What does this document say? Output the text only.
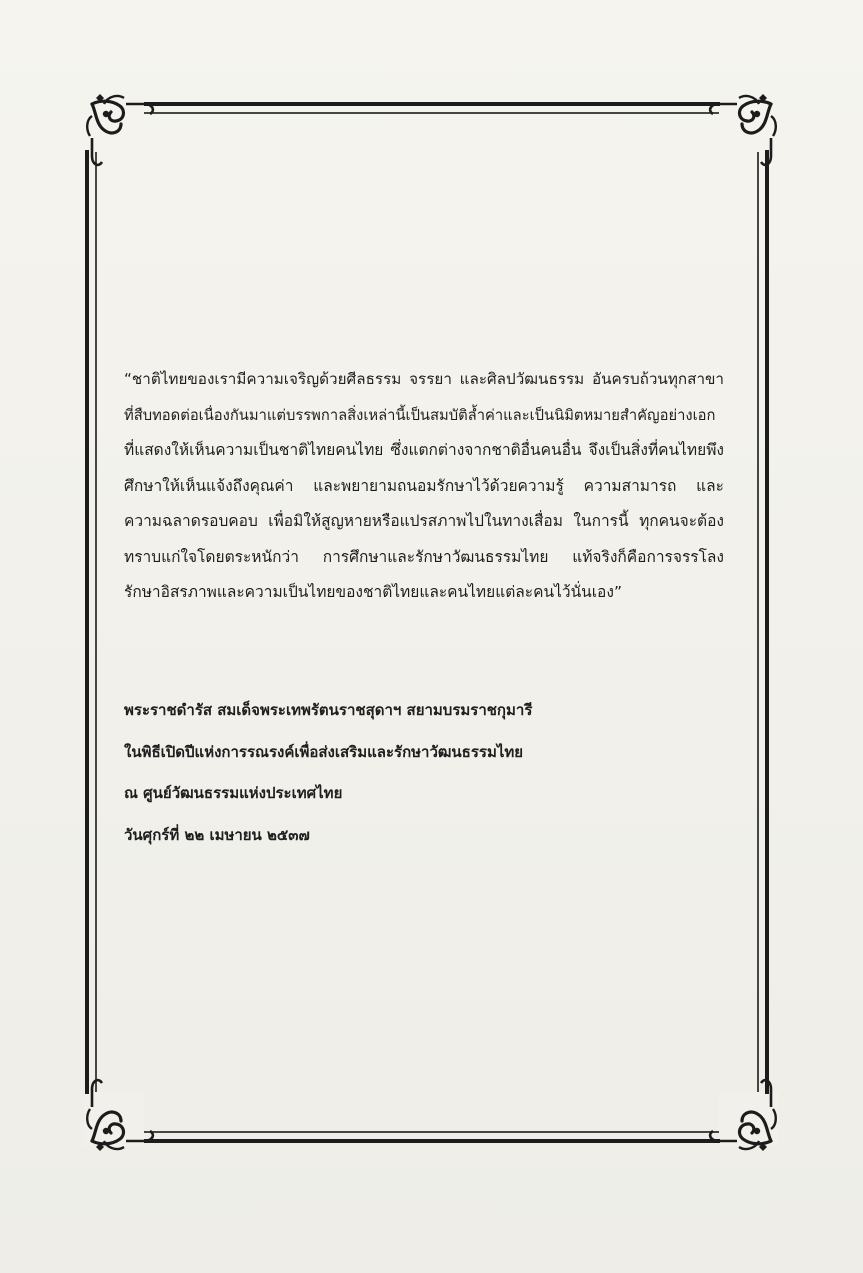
“ชาติไทยของเรามีความเจริญด้วยศีลธรรม จรรยา และศิลปวัฒนธรรม อันครบถ้วนทุกสาขา
ที่สืบทอดต่อเนื่องกันมาแต่บรรพกาลสิ่งเหล่านี้เป็นสมบัติล้ำค่าและเป็นนิมิตหมายสำคัญอย่างเอก
ที่แสดงให้เห็นความเป็นชาติไทยคนไทย ซึ่งแตกต่างจากชาติอื่นคนอื่น จึงเป็นสิ่งที่คนไทยพึง
ศึกษาให้เห็นแจ้งถึงคุณค่า และพยายามถนอมรักษาไว้ด้วยความรู้ ความสามารถ และ
ความฉลาดรอบคอบ เพื่อมิให้สูญหายหรือแปรสภาพไปในทางเสื่อม ในการนี้ ทุกคนจะต้อง
ทราบแก่ใจโดยตระหนักว่า การศึกษาและรักษาวัฒนธรรมไทย แท้จริงก็คือการจรรโลง
รักษาอิสรภาพและความเป็นไทยของชาติไทยและคนไทยแต่ละคนไว้นั่นเอง”
พระราชดำรัส สมเด็จพระเทพรัตนราชสุดาฯ สยามบรมราชกุมารี
ในพิธีเปิดปีแห่งการรณรงค์เพื่อส่งเสริมและรักษาวัฒนธรรมไทย
ณ ศูนย์วัฒนธรรมแห่งประเทศไทย
วันศุกร์ที่ ๒๒ เมษายน ๒๕๓๗
